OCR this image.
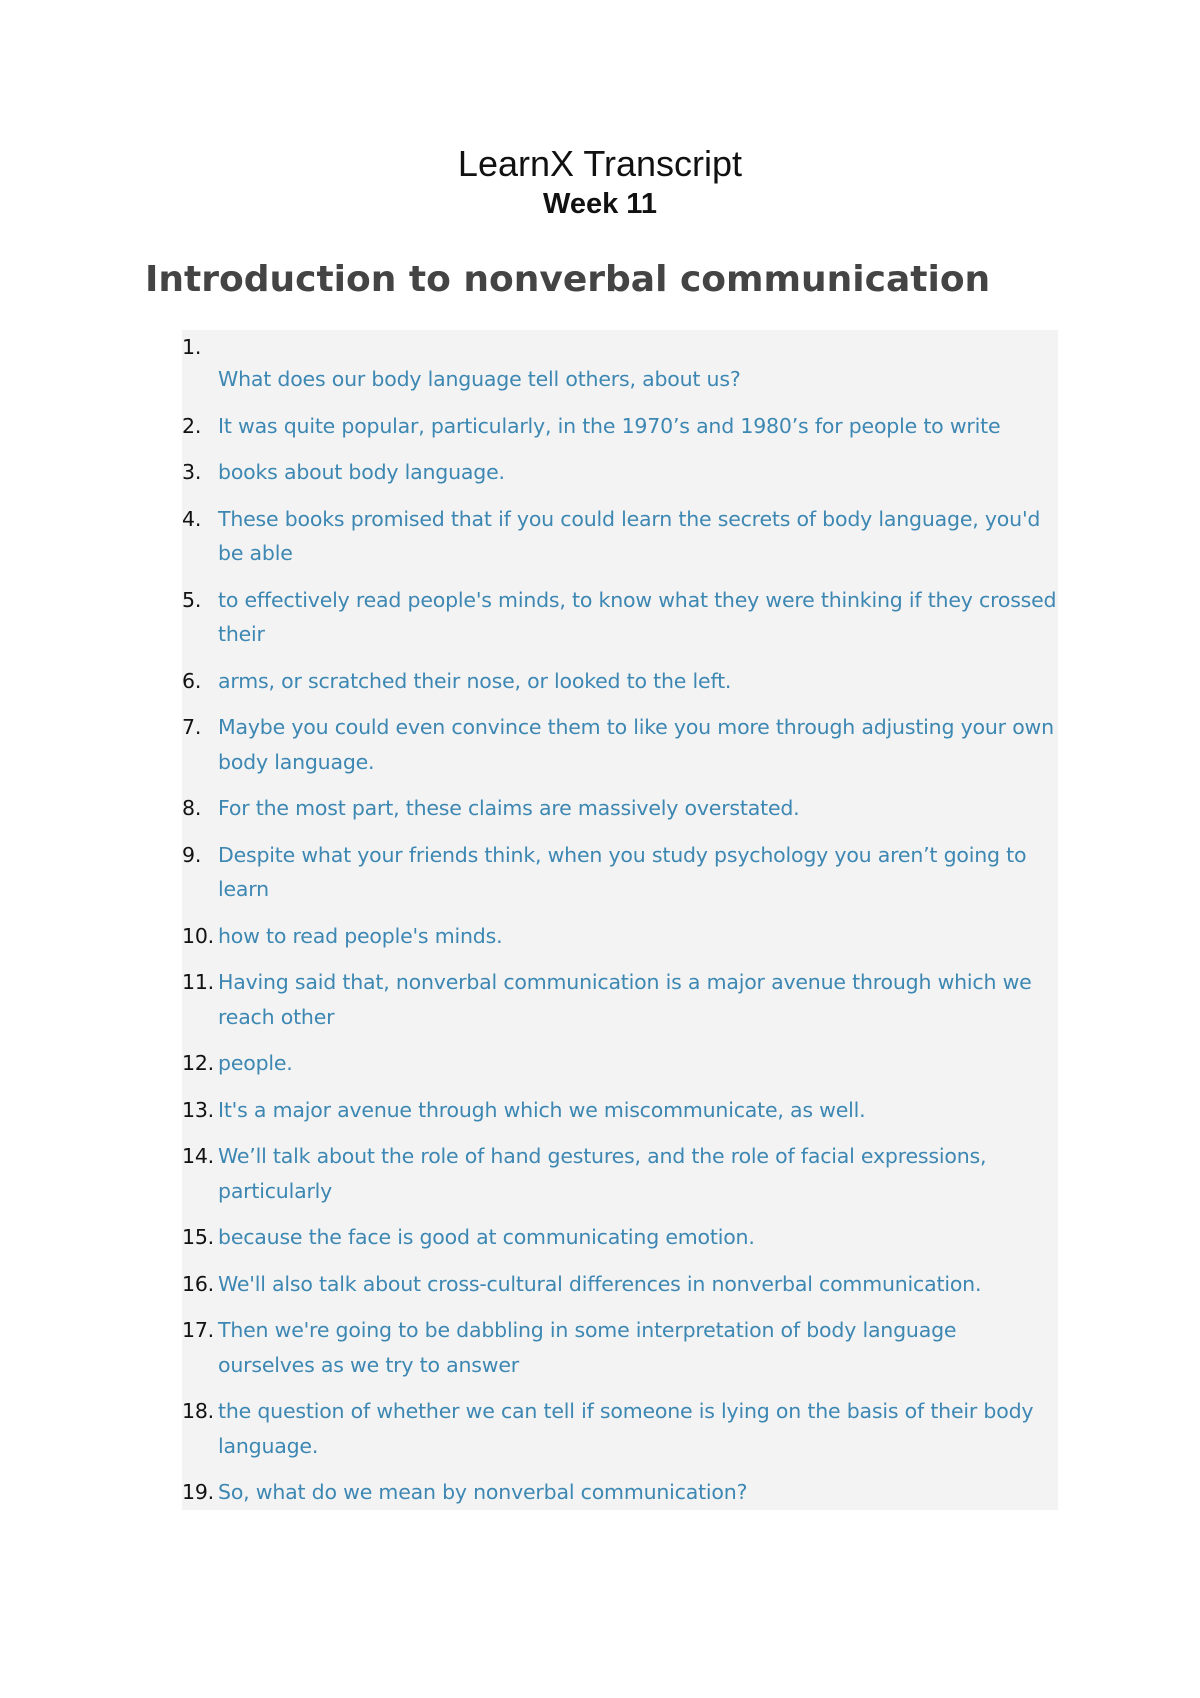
LearnX Transcript
Week 11
Introduction to nonverbal communication
1.
What does our body language tell others, about us?
2. It was quite popular, particularly, in the 1970’s and 1980’s for people to write
3. books about body language.
4. These books promised that if you could learn the secrets of body language, you'd be able
5. to effectively read people's minds, to know what they were thinking if they crossed their
6. arms, or scratched their nose, or looked to the left.
7. Maybe you could even convince them to like you more through adjusting your own body language.
8. For the most part, these claims are massively overstated.
9. Despite what your friends think, when you study psychology you aren’t going to learn
10. how to read people's minds.
11. Having said that, nonverbal communication is a major avenue through which we reach other
12. people.
13. It's a major avenue through which we miscommunicate, as well.
14. We’ll talk about the role of hand gestures, and the role of facial expressions, particularly
15. because the face is good at communicating emotion.
16. We'll also talk about cross-cultural differences in nonverbal communication.
17. Then we're going to be dabbling in some interpretation of body language ourselves as we try to answer
18. the question of whether we can tell if someone is lying on the basis of their body language.
19. So, what do we mean by nonverbal communication?
